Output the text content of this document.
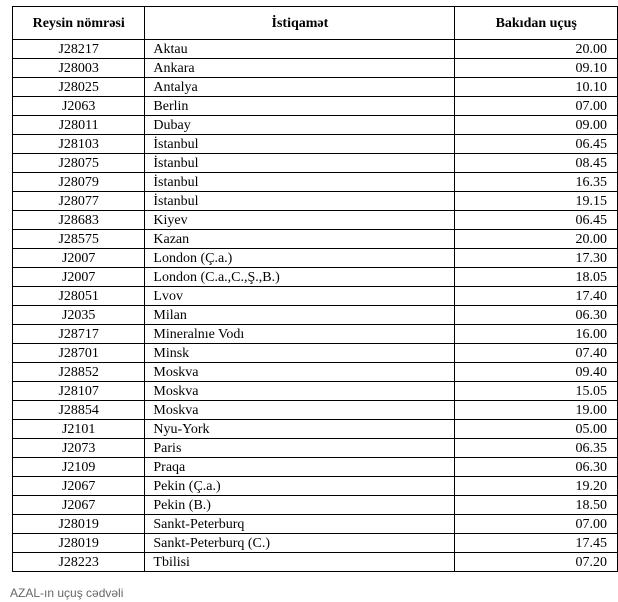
Reysin nömrəsi	İstiqamət	Bakıdan uçuş
J28217	Aktau	20.00
J28003	Ankara	09.10
J28025	Antalya	10.10
J2063	Berlin	07.00
J28011	Dubay	09.00
J28103	İstanbul	06.45
J28075	İstanbul	08.45
J28079	İstanbul	16.35
J28077	İstanbul	19.15
J28683	Kiyev	06.45
J28575	Kazan	20.00
J2007	London (Ç.a.)	17.30
J2007	London (C.a.,C.,Ş.,B.)	18.05
J28051	Lvov	17.40
J2035	Milan	06.30
J28717	Mineralnıe Vodı	16.00
J28701	Minsk	07.40
J28852	Moskva	09.40
J28107	Moskva	15.05
J28854	Moskva	19.00
J2101	Nyu-York	05.00
J2073	Paris	06.35
J2109	Praqa	06.30
J2067	Pekin (Ç.a.)	19.20
J2067	Pekin (B.)	18.50
J28019	Sankt-Peterburq	07.00
J28019	Sankt-Peterburq (C.)	17.45
J28223	Tbilisi	07.20
AZAL-ın uçuş cədvəli
